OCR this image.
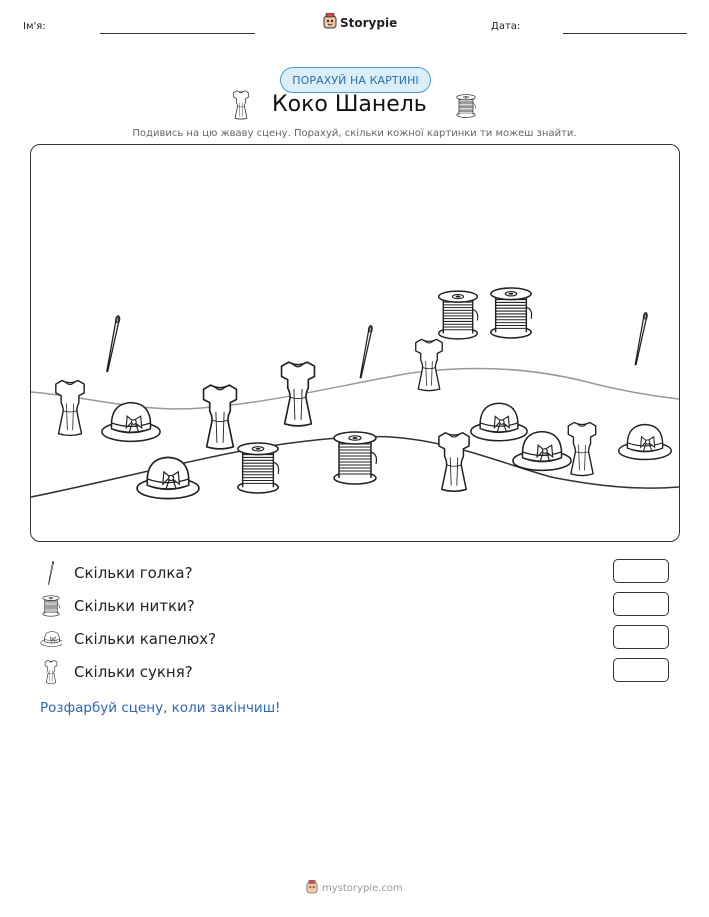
Ім'я:	Storypie	Дата:
ПОРАХУЙ НА КАРТИНІ
Коко Шанель
Подивись на цю жваву сцену. Порахуй, скільки кожної картинки ти можеш знайти.
Скільки голка?
Скільки нитки?
Скільки капелюх?
Скільки сукня?
Розфарбуй сцену, коли закінчиш!
mystorypie.com
